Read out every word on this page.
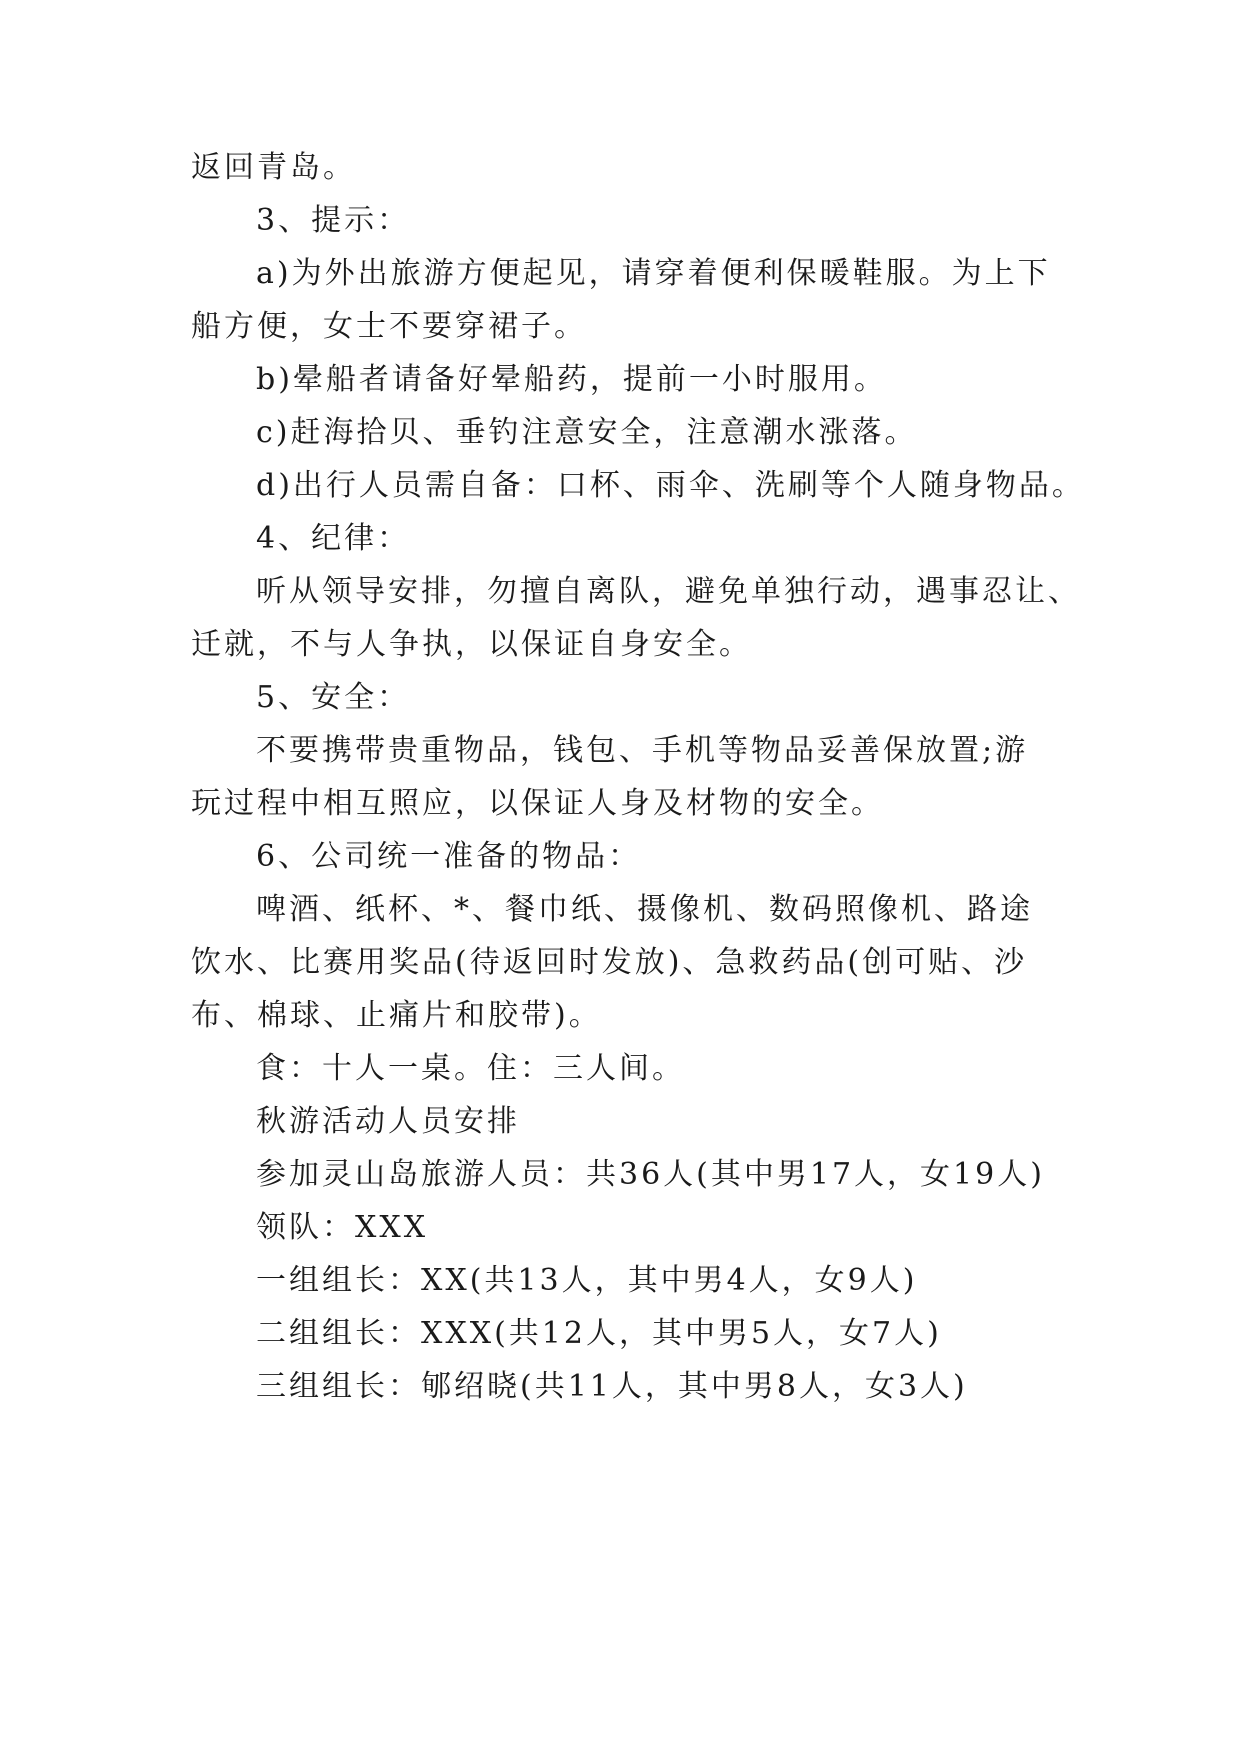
返回青岛。
3、提示：
a)为外出旅游方便起见，请穿着便利保暖鞋服。为上下
船方便，女士不要穿裙子。
b)晕船者请备好晕船药，提前一小时服用。
c)赶海拾贝、垂钓注意安全，注意潮水涨落。
d)出行人员需自备：口杯、雨伞、洗刷等个人随身物品。
4、纪律：
听从领导安排，勿擅自离队，避免单独行动，遇事忍让、
迁就，不与人争执，以保证自身安全。
5、安全：
不要携带贵重物品，钱包、手机等物品妥善保放置;游
玩过程中相互照应，以保证人身及材物的安全。
6、公司统一准备的物品：
啤酒、纸杯、*、餐巾纸、摄像机、数码照像机、路途
饮水、比赛用奖品(待返回时发放)、急救药品(创可贴、沙
布、棉球、止痛片和胶带)。
食：十人一桌。住：三人间。
秋游活动人员安排
参加灵山岛旅游人员：共36人(其中男17人，女19人)
领队：XXX
一组组长：XX(共13人，其中男4人，女9人)
二组组长：XXX(共12人，其中男5人，女7人)
三组组长：郇绍晓(共11人，其中男8人，女3人)
